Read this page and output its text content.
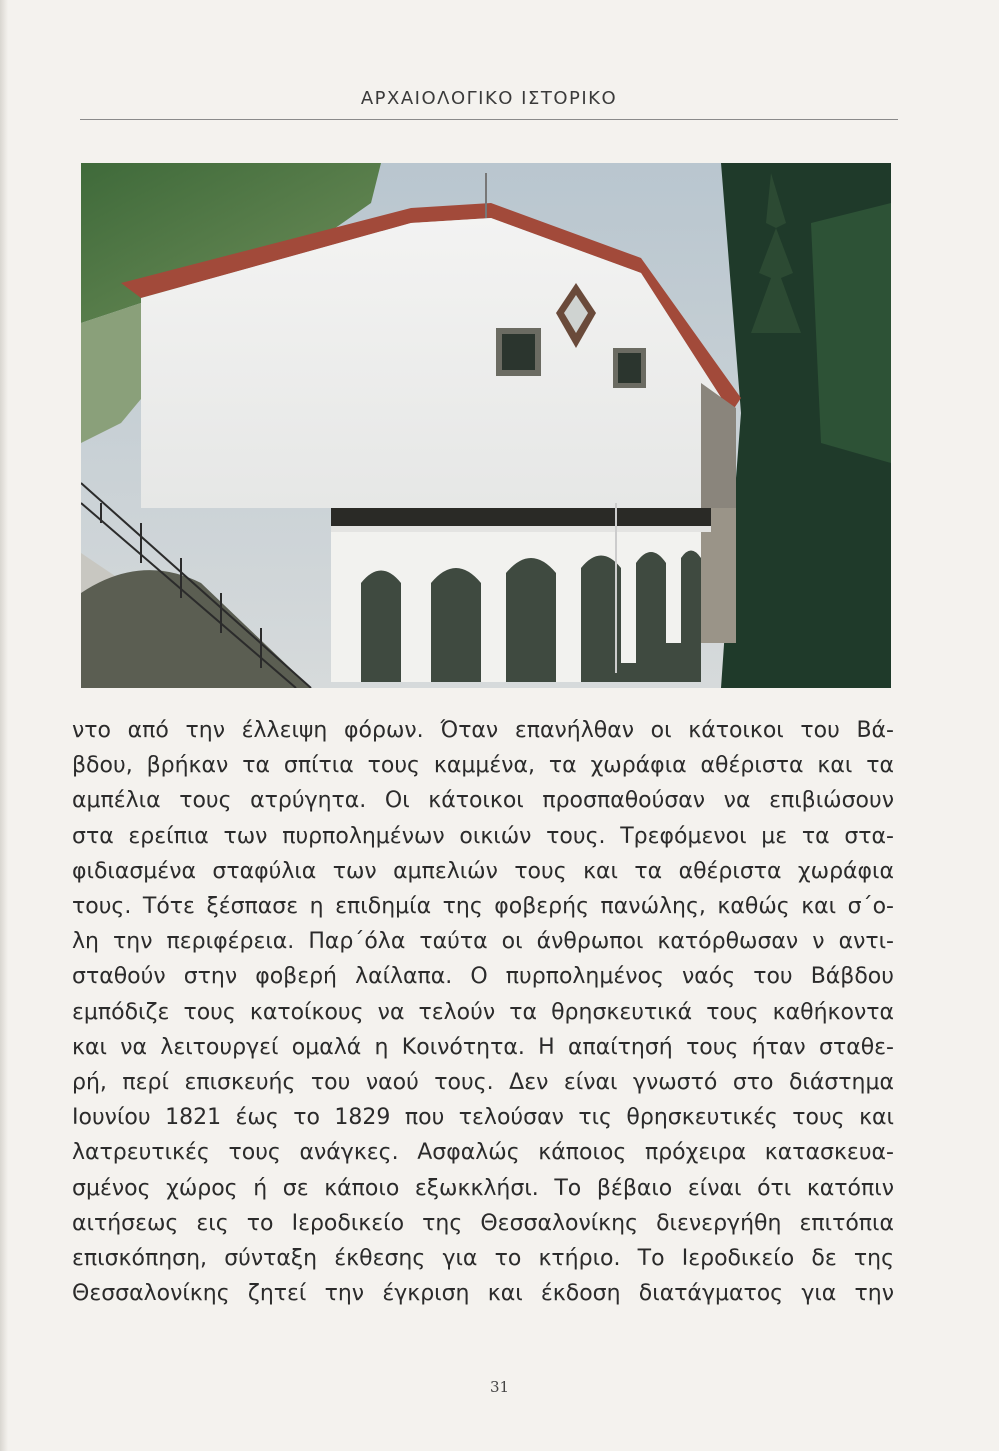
ΑΡΧΑΙΟΛΟΓΙΚΟ ΙΣΤΟΡΙΚΟ
ντο από την έλλειψη φόρων. Όταν επανήλθαν οι κάτοικοι του Βά-
βδου, βρήκαν τα σπίτια τους καμμένα, τα χωράφια αθέριστα και τα
αμπέλια τους ατρύγητα. Οι κάτοικοι προσπαθούσαν να επιβιώσουν
στα ερείπια των πυρπολημένων οικιών τους. Τρεφόμενοι με τα στα-
φιδιασμένα σταφύλια των αμπελιών τους και τα αθέριστα χωράφια
τους. Τότε ξέσπασε η επιδημία της φοβερής πανώλης, καθώς και σ΄ο-
λη την περιφέρεια. Παρ΄όλα ταύτα οι άνθρωποι κατόρθωσαν ν αντι-
σταθούν στην φοβερή λαίλαπα. Ο πυρπολημένος ναός του Βάβδου
εμπόδιζε τους κατοίκους να τελούν τα θρησκευτικά τους καθήκοντα
και να λειτουργεί ομαλά η Κοινότητα. Η απαίτησή τους ήταν σταθε-
ρή, περί επισκευής του ναού τους. Δεν είναι γνωστό στο διάστημα
Ιουνίου 1821 έως το 1829 που τελούσαν τις θρησκευτικές τους και
λατρευτικές τους ανάγκες. Ασφαλώς κάποιος πρόχειρα κατασκευα-
σμένος χώρος ή σε κάποιο εξωκκλήσι. Το βέβαιο είναι ότι κατόπιν
αιτήσεως εις το Ιεροδικείο της Θεσσαλονίκης διενεργήθη επιτόπια
επισκόπηση, σύνταξη έκθεσης για το κτήριο. Το Ιεροδικείο δε της
Θεσσαλονίκης ζητεί την έγκριση και έκδοση διατάγματος για την
31
